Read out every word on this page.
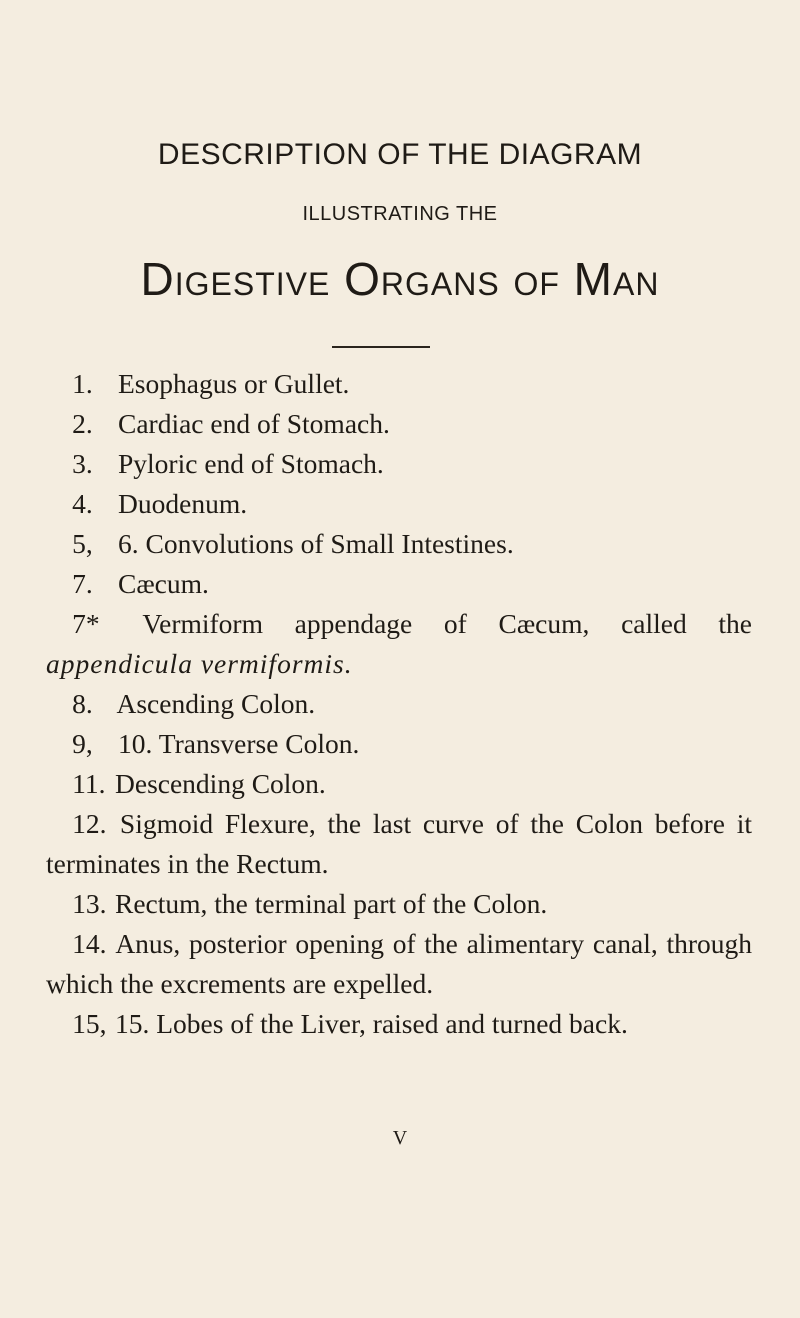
DESCRIPTION OF THE DIAGRAM
ILLUSTRATING THE
Digestive Organs of Man
1. Esophagus or Gullet.
2. Cardiac end of Stomach.
3. Pyloric end of Stomach.
4. Duodenum.
5, 6. Convolutions of Small Intestines.
7. Cæcum.
7* Vermiform appendage of Cæcum, called the appendicula vermiformis.
8. Ascending Colon.
9, 10. Transverse Colon.
11. Descending Colon.
12. Sigmoid Flexure, the last curve of the Colon before it terminates in the Rectum.
13. Rectum, the terminal part of the Colon.
14. Anus, posterior opening of the alimentary canal, through which the excrements are expelled.
15, 15. Lobes of the Liver, raised and turned back.
V
